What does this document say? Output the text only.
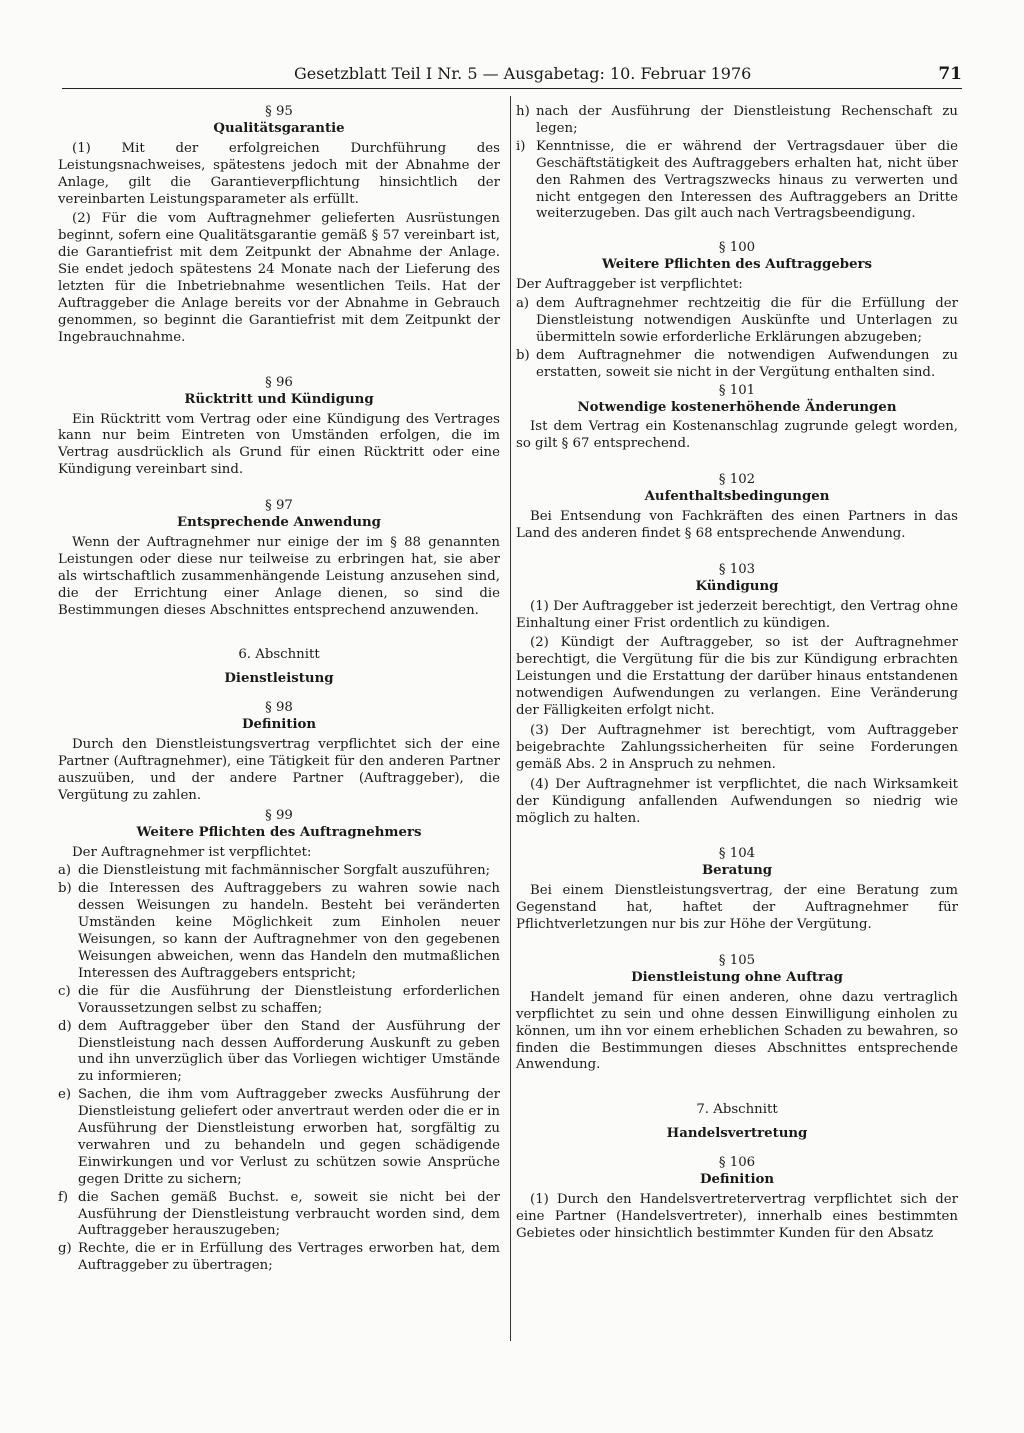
Gesetzblatt Teil I Nr. 5 — Ausgabetag: 10. Februar 1976	71
§ 95
Qualitätsgarantie
(1) Mit der erfolgreichen Durchführung des Leistungsnachweises, spätestens jedoch mit der Abnahme der Anlage, gilt die Garantieverpflichtung hinsichtlich der vereinbarten Leistungsparameter als erfüllt.
(2) Für die vom Auftragnehmer gelieferten Ausrüstungen beginnt, sofern eine Qualitätsgarantie gemäß § 57 vereinbart ist, die Garantiefrist mit dem Zeitpunkt der Abnahme der Anlage. Sie endet jedoch spätestens 24 Monate nach der Lieferung des letzten für die Inbetriebnahme wesentlichen Teils. Hat der Auftraggeber die Anlage bereits vor der Abnahme in Gebrauch genommen, so beginnt die Garantiefrist mit dem Zeitpunkt der Ingebrauchnahme.
§ 96
Rücktritt und Kündigung
Ein Rücktritt vom Vertrag oder eine Kündigung des Vertrages kann nur beim Eintreten von Umständen erfolgen, die im Vertrag ausdrücklich als Grund für einen Rücktritt oder eine Kündigung vereinbart sind.
§ 97
Entsprechende Anwendung
Wenn der Auftragnehmer nur einige der im § 88 genannten Leistungen oder diese nur teilweise zu erbringen hat, sie aber als wirtschaftlich zusammenhängende Leistung anzusehen sind, die der Errichtung einer Anlage dienen, so sind die Bestimmungen dieses Abschnittes entsprechend anzuwenden.
6. Abschnitt
Dienstleistung
§ 98
Definition
Durch den Dienstleistungsvertrag verpflichtet sich der eine Partner (Auftragnehmer), eine Tätigkeit für den anderen Partner auszuüben, und der andere Partner (Auftraggeber), die Vergütung zu zahlen.
§ 99
Weitere Pflichten des Auftragnehmers
Der Auftragnehmer ist verpflichtet:
a) die Dienstleistung mit fachmännischer Sorgfalt auszuführen;
b) die Interessen des Auftraggebers zu wahren sowie nach dessen Weisungen zu handeln. Besteht bei veränderten Umständen keine Möglichkeit zum Einholen neuer Weisungen, so kann der Auftragnehmer von den gegebenen Weisungen abweichen, wenn das Handeln den mutmaßlichen Interessen des Auftraggebers entspricht;
c) die für die Ausführung der Dienstleistung erforderlichen Voraussetzungen selbst zu schaffen;
d) dem Auftraggeber über den Stand der Ausführung der Dienstleistung nach dessen Aufforderung Auskunft zu geben und ihn unverzüglich über das Vorliegen wichtiger Umstände zu informieren;
e) Sachen, die ihm vom Auftraggeber zwecks Ausführung der Dienstleistung geliefert oder anvertraut werden oder die er in Ausführung der Dienstleistung erworben hat, sorgfältig zu verwahren und zu behandeln und gegen schädigende Einwirkungen und vor Verlust zu schützen sowie Ansprüche gegen Dritte zu sichern;
f) die Sachen gemäß Buchst. e, soweit sie nicht bei der Ausführung der Dienstleistung verbraucht worden sind, dem Auftraggeber herauszugeben;
g) Rechte, die er in Erfüllung des Vertrages erworben hat, dem Auftraggeber zu übertragen;
h) nach der Ausführung der Dienstleistung Rechenschaft zu legen;
i) Kenntnisse, die er während der Vertragsdauer über die Geschäftstätigkeit des Auftraggebers erhalten hat, nicht über den Rahmen des Vertragszwecks hinaus zu verwerten und nicht entgegen den Interessen des Auftraggebers an Dritte weiterzugeben. Das gilt auch nach Vertragsbeendigung.
§ 100
Weitere Pflichten des Auftraggebers
Der Auftraggeber ist verpflichtet:
a) dem Auftragnehmer rechtzeitig die für die Erfüllung der Dienstleistung notwendigen Auskünfte und Unterlagen zu übermitteln sowie erforderliche Erklärungen abzugeben;
b) dem Auftragnehmer die notwendigen Aufwendungen zu erstatten, soweit sie nicht in der Vergütung enthalten sind.
§ 101
Notwendige kostenerhöhende Änderungen
Ist dem Vertrag ein Kostenanschlag zugrunde gelegt worden, so gilt § 67 entsprechend.
§ 102
Aufenthaltsbedingungen
Bei Entsendung von Fachkräften des einen Partners in das Land des anderen findet § 68 entsprechende Anwendung.
§ 103
Kündigung
(1) Der Auftraggeber ist jederzeit berechtigt, den Vertrag ohne Einhaltung einer Frist ordentlich zu kündigen.
(2) Kündigt der Auftraggeber, so ist der Auftragnehmer berechtigt, die Vergütung für die bis zur Kündigung erbrachten Leistungen und die Erstattung der darüber hinaus entstandenen notwendigen Aufwendungen zu verlangen. Eine Veränderung der Fälligkeiten erfolgt nicht.
(3) Der Auftragnehmer ist berechtigt, vom Auftraggeber beigebrachte Zahlungssicherheiten für seine Forderungen gemäß Abs. 2 in Anspruch zu nehmen.
(4) Der Auftragnehmer ist verpflichtet, die nach Wirksamkeit der Kündigung anfallenden Aufwendungen so niedrig wie möglich zu halten.
§ 104
Beratung
Bei einem Dienstleistungsvertrag, der eine Beratung zum Gegenstand hat, haftet der Auftragnehmer für Pflichtverletzungen nur bis zur Höhe der Vergütung.
§ 105
Dienstleistung ohne Auftrag
Handelt jemand für einen anderen, ohne dazu vertraglich verpflichtet zu sein und ohne dessen Einwilligung einholen zu können, um ihn vor einem erheblichen Schaden zu bewahren, so finden die Bestimmungen dieses Abschnittes entsprechende Anwendung.
7. Abschnitt
Handelsvertretung
§ 106
Definition
(1) Durch den Handelsvertretervertrag verpflichtet sich der eine Partner (Handelsvertreter), innerhalb eines bestimmten Gebietes oder hinsichtlich bestimmter Kunden für den Absatz
